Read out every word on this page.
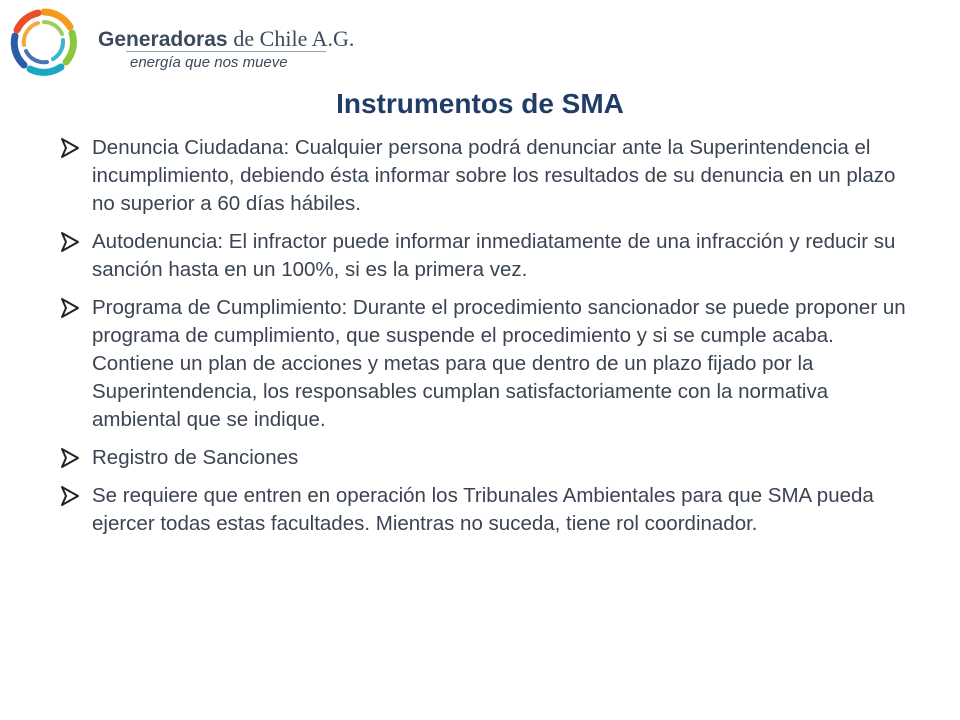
Generadoras de Chile A.G.
energía que nos mueve
Instrumentos de SMA
Denuncia Ciudadana: Cualquier persona podrá denunciar ante la Superintendencia el incumplimiento, debiendo ésta informar sobre los resultados de su denuncia en un plazo no superior a 60 días hábiles.
Autodenuncia: El infractor puede informar inmediatamente de una infracción y reducir su sanción hasta en un 100%, si es la primera vez.
Programa de Cumplimiento: Durante el procedimiento sancionador se puede proponer un programa de cumplimiento, que suspende el procedimiento y si se cumple acaba. Contiene un plan de acciones y metas para que dentro de un plazo fijado por la Superintendencia, los responsables cumplan satisfactoriamente con la normativa ambiental que se indique.
Registro de Sanciones
Se requiere que entren en operación los Tribunales Ambientales para que SMA pueda ejercer todas estas facultades. Mientras no suceda, tiene rol coordinador.
